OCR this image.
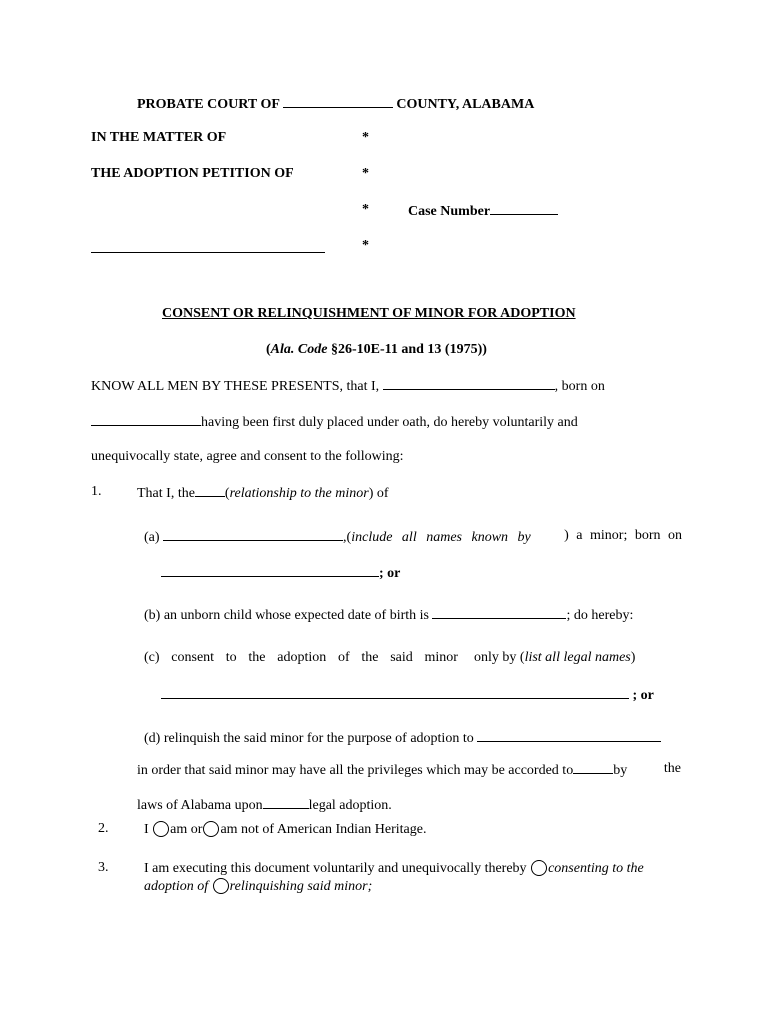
PROBATE COURT OF	COUNTY, ALABAMA
IN THE MATTER OF	*
THE ADOPTION PETITION OF	*
*	Case Number
*
CONSENT OR RELINQUISHMENT OF MINOR FOR ADOPTION
(Ala. Code §26-10E-11 and 13 (1975))
KNOW ALL MEN BY THESE PRESENTS, that I,	, born on
having been first duly placed under oath, do hereby voluntarily and
unequivocally state, agree and consent to the following:
1.	That I, the (relationship to the minor) of
(a)	,(include all names known by ) a minor; born on
; or
(b) an unborn child whose expected date of birth is	; do hereby:
(c) consent to the adoption of the said minor only by (list all legal names)
; or
(d) relinquish the said minor for the purpose of adoption to
in order that said minor may have all the privileges which may be accorded to	by	the
laws of Alabama upon	legal adoption.
2.	I am or am not of American Indian Heritage.
3.	I am executing this document voluntarily and unequivocally thereby consenting to the
adoption of relinquishing said minor;
